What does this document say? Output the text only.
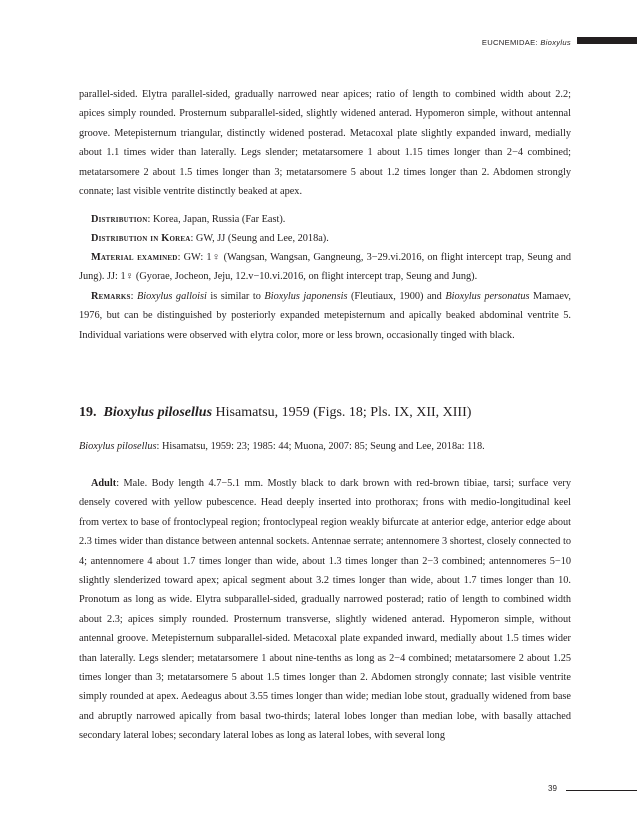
EUCNEMIDAE: Bioxylus

parallel-sided. Elytra parallel-sided, gradually narrowed near apices; ratio of length to combined width about 2.2; apices simply rounded. Prosternum subparallel-sided, slightly widened anterad. Hypomeron simple, without antennal groove. Metepisternum triangular, distinctly widened posterad. Metacoxal plate slightly expanded inward, medially about 1.1 times wider than laterally. Legs slender; metatarsomere 1 about 1.15 times longer than 2−4 combined; metatarsomere 2 about 1.5 times longer than 3; metatarsomere 5 about 1.2 times longer than 2. Abdomen strongly connate; last visible ventrite distinctly beaked at apex.

Distribution: Korea, Japan, Russia (Far East).

Distribution in Korea: GW, JJ (Seung and Lee, 2018a).

Material examined: GW: 1♀ (Wangsan, Wangsan, Gangneung, 3−29.vi.2016, on flight intercept trap, Seung and Jung). JJ: 1♀ (Gyorae, Jocheon, Jeju, 12.v−10.vi.2016, on flight intercept trap, Seung and Jung).

Remarks: Bioxylus galloisi is similar to Bioxylus japonensis (Fleutiaux, 1900) and Bioxylus personatus Mamaev, 1976, but can be distinguished by posteriorly expanded metepisternum and apically beaked abdominal ventrite 5. Individual variations were observed with elytra color, more or less brown, occasionally tinged with black.

19. Bioxylus pilosellus Hisamatsu, 1959 (Figs. 18; Pls. IX, XII, XIII)

Bioxylus pilosellus: Hisamatsu, 1959: 23; 1985: 44; Muona, 2007: 85; Seung and Lee, 2018a: 118.

Adult: Male. Body length 4.7−5.1 mm. Mostly black to dark brown with red-brown tibiae, tarsi; surface very densely covered with yellow pubescence. Head deeply inserted into prothorax; frons with medio-longitudinal keel from vertex to base of frontoclypeal region; frontoclypeal region weakly bifurcate at anterior edge, anterior edge about 2.3 times wider than distance between antennal sockets. Antennae serrate; antennomere 3 shortest, closely connected to 4; antennomere 4 about 1.7 times longer than wide, about 1.3 times longer than 2−3 combined; antennomeres 5−10 slightly slenderized toward apex; apical segment about 3.2 times longer than wide, about 1.7 times longer than 10. Pronotum as long as wide. Elytra subparallel-sided, gradually narrowed posterad; ratio of length to combined width about 2.3; apices simply rounded. Prosternum transverse, slightly widened anterad. Hypomeron simple, without antennal groove. Metepisternum subparallel-sided. Metacoxal plate expanded inward, medially about 1.5 times wider than laterally. Legs slender; metatarsomere 1 about nine-tenths as long as 2−4 combined; metatarsomere 2 about 1.25 times longer than 3; metatarsomere 5 about 1.5 times longer than 2. Abdomen strongly connate; last visible ventrite simply rounded at apex. Aedeagus about 3.55 times longer than wide; median lobe stout, gradually widened from base and abruptly narrowed apically from basal two-thirds; lateral lobes longer than median lobe, with basally attached secondary lateral lobes; secondary lateral lobes as long as lateral lobes, with several long

39
